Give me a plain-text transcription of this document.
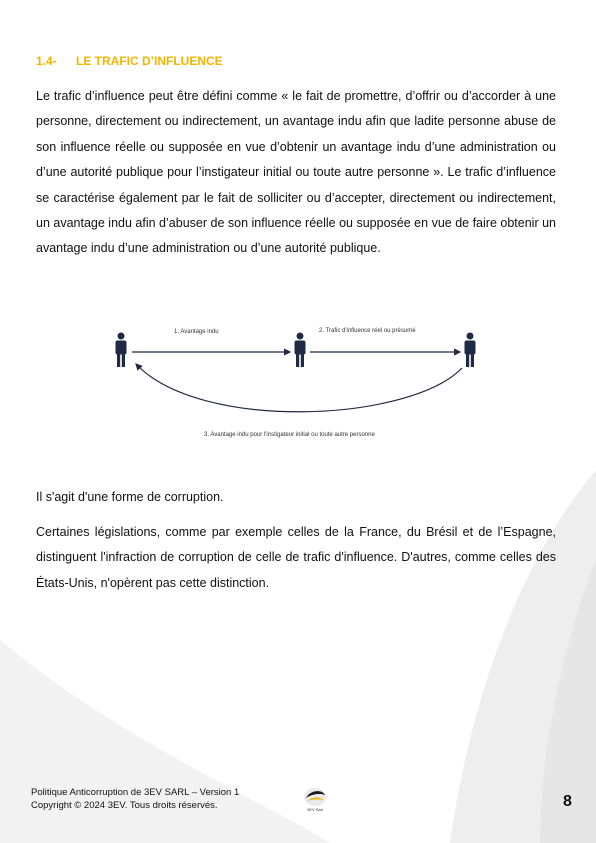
1.4- LE TRAFIC D’INFLUENCE

Le trafic d’influence peut être défini comme « le fait de promettre, d’offrir ou d’accorder à une personne, directement ou indirectement, un avantage indu afin que ladite personne abuse de son influence réelle ou supposée en vue d’obtenir un avantage indu d’une administration ou d’une autorité publique pour l’instigateur initial ou toute autre personne ». Le trafic d’influence se caractérise également par le fait de solliciter ou d’accepter, directement ou indirectement, un avantage indu afin d’abuser de son influence réelle ou supposée en vue de faire obtenir un avantage indu d’une administration ou d’une autorité publique.

Il s'agit d'une forme de corruption.

Certaines législations, comme par exemple celles de la France, du Brésil et de l’Espagne, distinguent l'infraction de corruption de celle de trafic d'influence. D'autres, comme celles des États-Unis, n'opèrent pas cette distinction.

1. Avantage indu	2. Trafic d'influence réel ou présumé
3. Avantage indu pour l'instigateur initial ou toute autre personne
Politique Anticorruption de 3EV SARL – Version 1
Copyright © 2024 3EV. Tous droits réservés.	3EV Sarl	8
